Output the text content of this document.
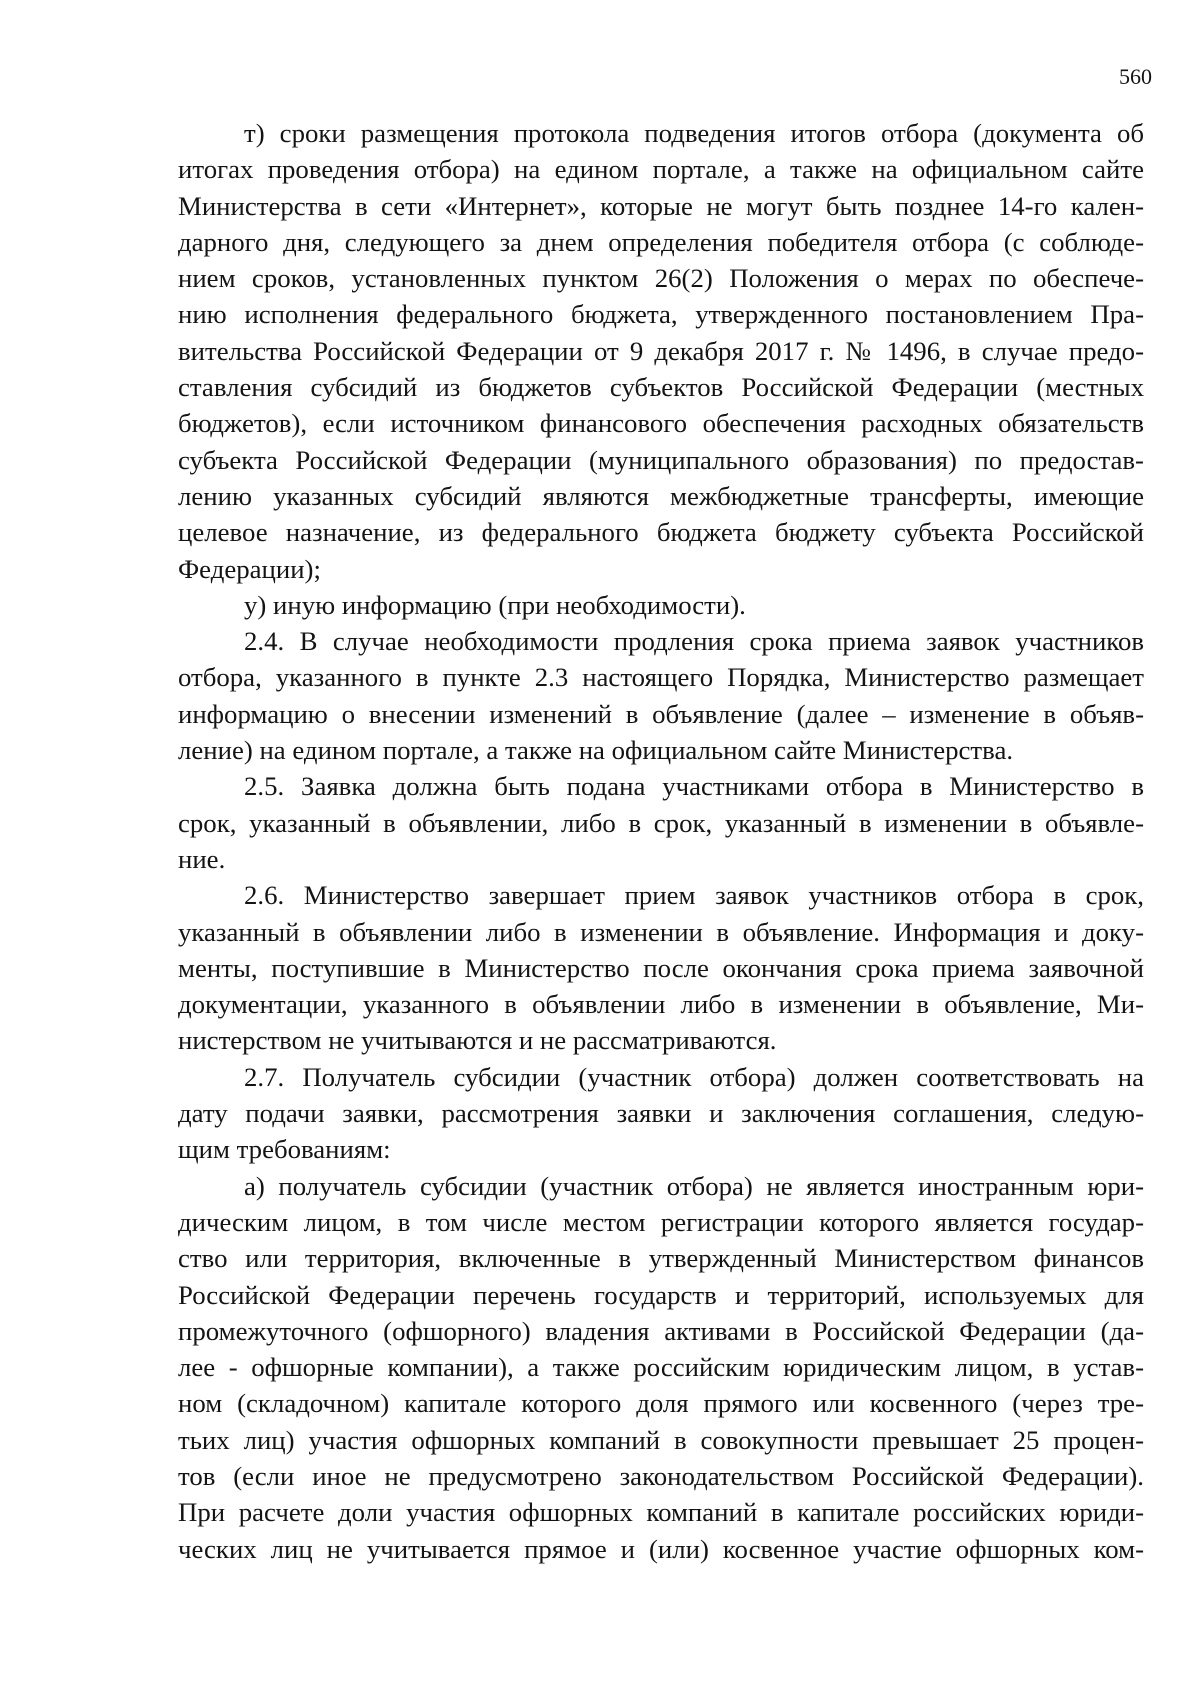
560
т) сроки размещения протокола подведения итогов отбора (документа об
итогах проведения отбора) на едином портале, а также на официальном сайте
Министерства в сети «Интернет», которые не могут быть позднее 14-го кален-
дарного дня, следующего за днем определения победителя отбора (с соблюде-
нием сроков, установленных пунктом 26(2) Положения о мерах по обеспече-
нию исполнения федерального бюджета, утвержденного постановлением Пра-
вительства Российской Федерации от 9 декабря 2017 г. № 1496, в случае предо-
ставления субсидий из бюджетов субъектов Российской Федерации (местных
бюджетов), если источником финансового обеспечения расходных обязательств
субъекта Российской Федерации (муниципального образования) по предостав-
лению указанных субсидий являются межбюджетные трансферты, имеющие
целевое назначение, из федерального бюджета бюджету субъекта Российской
Федерации);
у) иную информацию (при необходимости).
2.4. В случае необходимости продления срока приема заявок участников
отбора, указанного в пункте 2.3 настоящего Порядка, Министерство размещает
информацию о внесении изменений в объявление (далее – изменение в объяв-
ление) на едином портале, а также на официальном сайте Министерства.
2.5. Заявка должна быть подана участниками отбора в Министерство в
срок, указанный в объявлении, либо в срок, указанный в изменении в объявле-
ние.
2.6. Министерство завершает прием заявок участников отбора в срок,
указанный в объявлении либо в изменении в объявление. Информация и доку-
менты, поступившие в Министерство после окончания срока приема заявочной
документации, указанного в объявлении либо в изменении в объявление, Ми-
нистерством не учитываются и не рассматриваются.
2.7. Получатель субсидии (участник отбора) должен соответствовать на
дату подачи заявки, рассмотрения заявки и заключения соглашения, следую-
щим требованиям:
а) получатель субсидии (участник отбора) не является иностранным юри-
дическим лицом, в том числе местом регистрации которого является государ-
ство или территория, включенные в утвержденный Министерством финансов
Российской Федерации перечень государств и территорий, используемых для
промежуточного (офшорного) владения активами в Российской Федерации (да-
лее - офшорные компании), а также российским юридическим лицом, в устав-
ном (складочном) капитале которого доля прямого или косвенного (через тре-
тьих лиц) участия офшорных компаний в совокупности превышает 25 процен-
тов (если иное не предусмотрено законодательством Российской Федерации).
При расчете доли участия офшорных компаний в капитале российских юриди-
ческих лиц не учитывается прямое и (или) косвенное участие офшорных ком-
